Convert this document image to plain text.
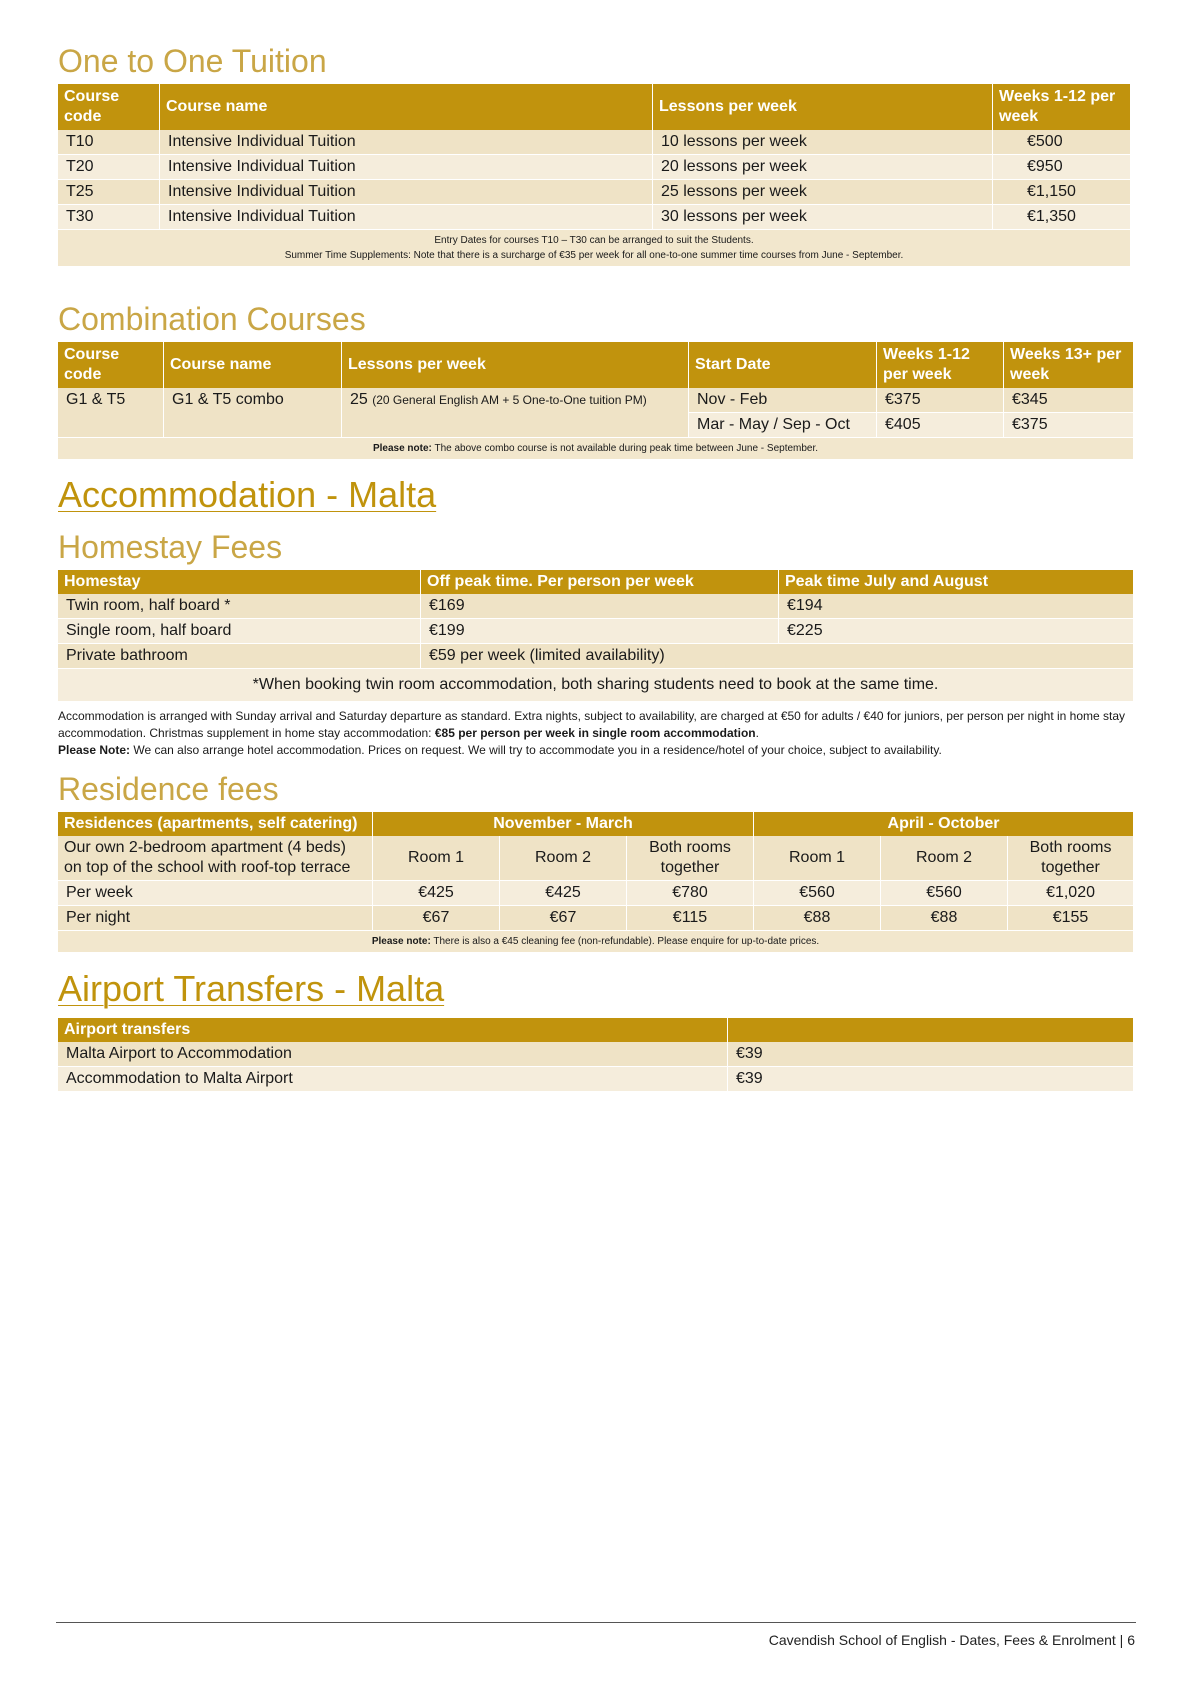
One to One Tuition
Course code	Course name	Lessons per week	Weeks 1-12 per week
T10	Intensive Individual Tuition	10 lessons per week	€500
T20	Intensive Individual Tuition	20 lessons per week	€950
T25	Intensive Individual Tuition	25 lessons per week	€1,150
T30	Intensive Individual Tuition	30 lessons per week	€1,350

Entry Dates for courses T10 – T30 can be arranged to suit the Students.
Summer Time Supplements: Note that there is a surcharge of €35 per week for all one-to-one summer time courses from June - September.			
Combination Courses
Course code	Course name	Lessons per week	Start Date	Weeks 1-12 per week	Weeks 13+ per week
G1 & T5	G1 & T5 combo	25 (20 General English AM + 5 One-to-One tuition PM)	Nov - Feb	€375	€345
			Mar - May / Sep - Oct	€405	€375
Please note: The above combo course is not available during peak time between June - September.					
Accommodation - Malta
Homestay Fees
Homestay	Off peak time. Per person per week	Peak time July and August
Twin room, half board *	€169	€194
Single room, half board	€199	€225
Private bathroom	€59 per week (limited availability)	
*When booking twin room accommodation, both sharing students need to book at the same time.		

Accommodation is arranged with Sunday arrival and Saturday departure as standard. Extra nights, subject to availability, are charged at €50 for adults / €40 for juniors, per person per night in home stay accommodation. Christmas supplement in home stay accommodation: €85 per person per week in single room accommodation.
Please Note: We can also arrange hotel accommodation. Prices on request. We will try to accommodate you in a residence/hotel of your choice, subject to availability.

Residence fees
Residences (apartments, self catering)	November - March			April - October		
Our own 2-bedroom apartment (4 beds) on top of the school with roof-top terrace	Room 1	Room 2	Both rooms together	Room 1	Room 2	Both rooms together
Per week	€425	€425	€780	€560	€560	€1,020
Per night	€67	€67	€115	€88	€88	€155
Please note: There is also a €45 cleaning fee (non-refundable). Please enquire for up-to-date prices.						
Airport Transfers - Malta
Airport transfers	
Malta Airport to Accommodation	€39
Accommodation to Malta Airport	€39
Cavendish School of English - Dates, Fees & Enrolment | 6
